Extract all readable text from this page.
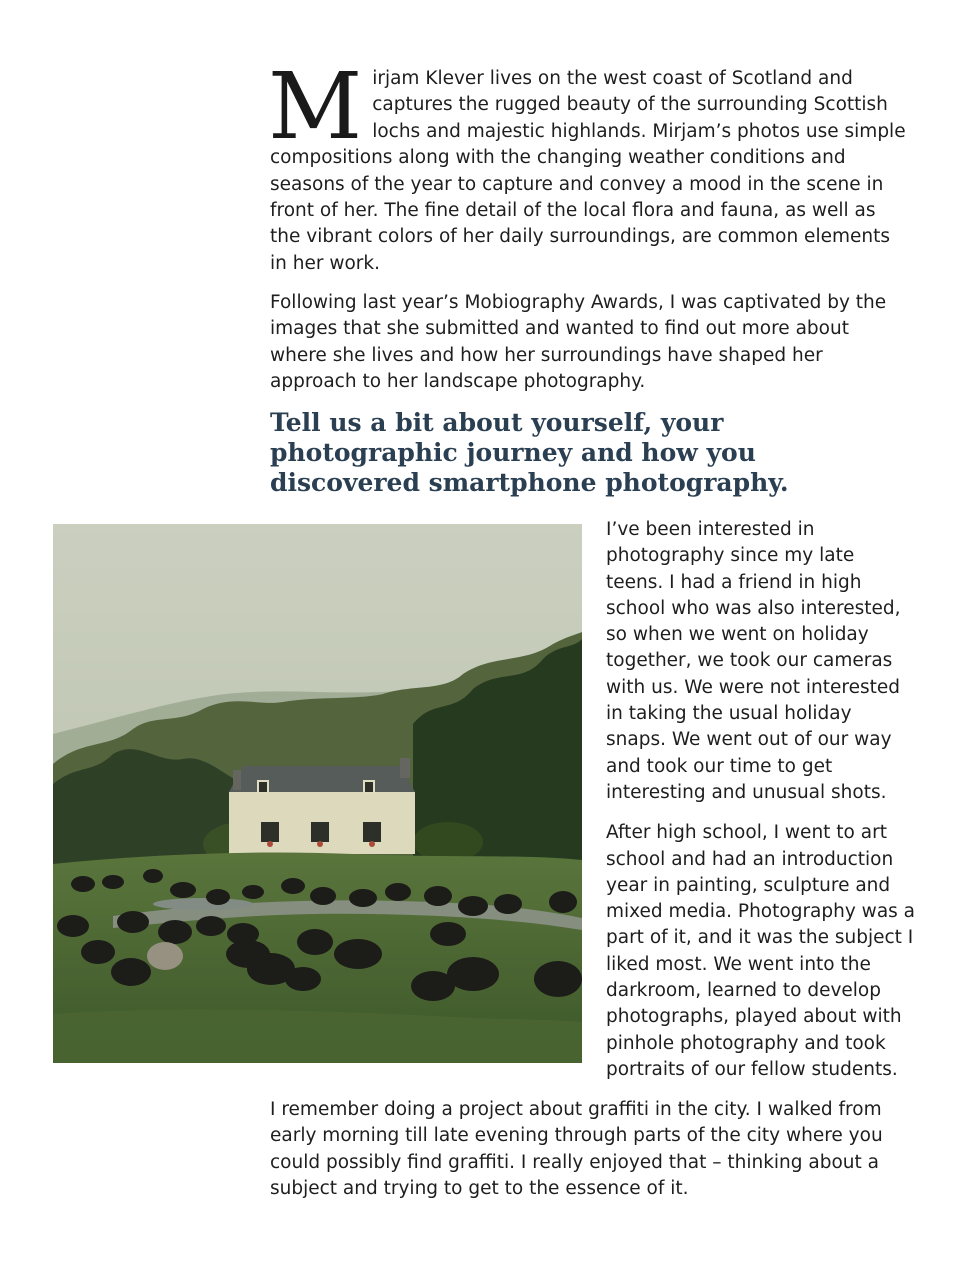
Mirjam Klever lives on the west coast of Scotland and captures the rugged beauty of the surrounding Scottish lochs and majestic highlands. Mirjam’s photos use simple compositions along with the changing weather conditions and seasons of the year to capture and convey a mood in the scene in front of her. The fine detail of the local flora and fauna, as well as the vibrant colors of her daily surroundings, are common elements in her work.

Following last year’s Mobiography Awards, I was captivated by the images that she submitted and wanted to find out more about where she lives and how her surroundings have shaped her approach to her landscape photography.

Tell us a bit about yourself, your photographic journey and how you discovered smartphone photography.

I’ve been interested in photography since my late teens. I had a friend in high school who was also interested, so when we went on holiday together, we took our cameras with us. We were not interested in taking the usual holiday snaps. We went out of our way and took our time to get interesting and unusual shots.

After high school, I went to art school and had an introduction year in painting, sculpture and mixed media. Photography was a part of it, and it was the subject I liked most. We went into the darkroom, learned to develop photographs, played about with pinhole photography and took portraits of our fellow students.

I remember doing a project about graffiti in the city. I walked from early morning till late evening through parts of the city where you could possibly find graffiti. I really enjoyed that – thinking about a subject and trying to get to the essence of it.
